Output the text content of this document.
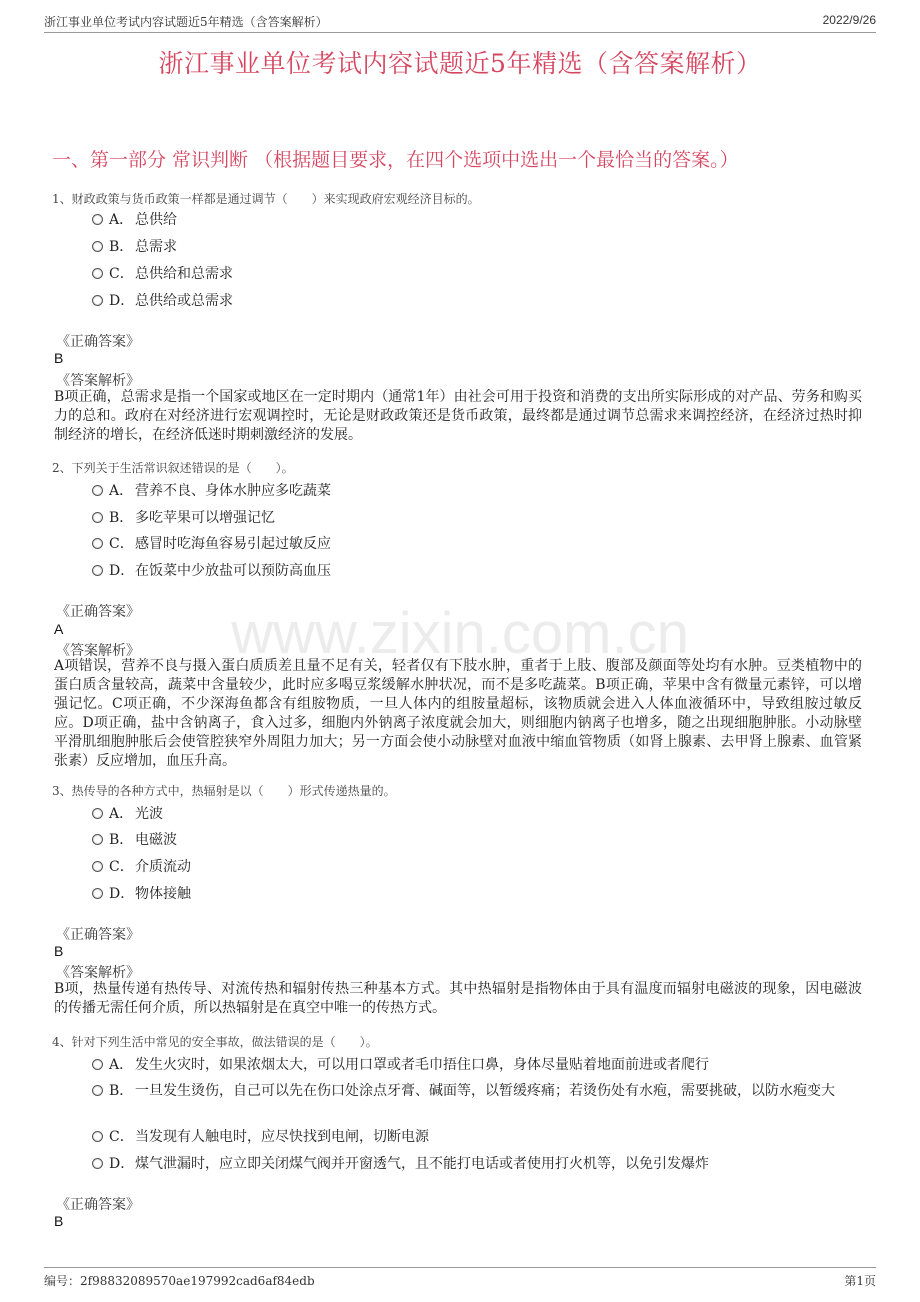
浙江事业单位考试内容试题近5年精选（含答案解析）	2022/9/26
浙江事业单位考试内容试题近5年精选（含答案解析）
一、第一部分 常识判断 （根据题目要求，在四个选项中选出一个最恰当的答案。）
www.zixin.com.cn
1、财政政策与货币政策一样都是通过调节（　　）来实现政府宏观经济目标的。
A． 总供给
B． 总需求
C．总供给和总需求
D．总供给或总需求
《正确答案》
B
《答案解析》
B项正确，总需求是指一个国家或地区在一定时期内（通常1年）由社会可用于投资和消费的支出所实际形成的对产品、劳务和购买力的总和。政府在对经济进行宏观调控时，无论是财政政策还是货币政策，最终都是通过调节总需求来调控经济，在经济过热时抑制经济的增长，在经济低迷时期刺激经济的发展。
2、下列关于生活常识叙述错误的是（　　）。
A． 营养不良、身体水肿应多吃蔬菜
B． 多吃苹果可以增强记忆
C．感冒时吃海鱼容易引起过敏反应
D．在饭菜中少放盐可以预防高血压
《正确答案》
A
《答案解析》
A项错误，营养不良与摄入蛋白质质差且量不足有关，轻者仅有下肢水肿，重者于上肢、腹部及颜面等处均有水肿。豆类植物中的蛋白质含量较高，蔬菜中含量较少，此时应多喝豆浆缓解水肿状况，而不是多吃蔬菜。B项正确，苹果中含有微量元素锌，可以增强记忆。C项正确，不少深海鱼都含有组胺物质，一旦人体内的组胺量超标，该物质就会进入人体血液循环中，导致组胺过敏反应。D项正确，盐中含钠离子，食入过多，细胞内外钠离子浓度就会加大，则细胞内钠离子也增多，随之出现细胞肿胀。小动脉壁平滑肌细胞肿胀后会使管腔狭窄外周阻力加大；另一方面会使小动脉壁对血液中缩血管物质（如肾上腺素、去甲肾上腺素、血管紧张素）反应增加，血压升高。
3、热传导的各种方式中，热辐射是以（　　）形式传递热量的。
A． 光波
B． 电磁波
C．介质流动
D．物体接触
《正确答案》
B
《答案解析》
B项，热量传递有热传导、对流传热和辐射传热三种基本方式。其中热辐射是指物体由于具有温度而辐射电磁波的现象，因电磁波的传播无需任何介质，所以热辐射是在真空中唯一的传热方式。
4、针对下列生活中常见的安全事故，做法错误的是（　　）。
A． 发生火灾时，如果浓烟太大，可以用口罩或者毛巾捂住口鼻，身体尽量贴着地面前进或者爬行
B． 一旦发生烫伤，自己可以先在伤口处涂点牙膏、碱面等，以暂缓疼痛；若烫伤处有水疱，需要挑破，以防水疱变大
C．当发现有人触电时，应尽快找到电闸，切断电源
D．煤气泄漏时，应立即关闭煤气阀并开窗透气，且不能打电话或者使用打火机等，以免引发爆炸
《正确答案》
B
编号：2f98832089570ae197992cad6af84edb	第1页
